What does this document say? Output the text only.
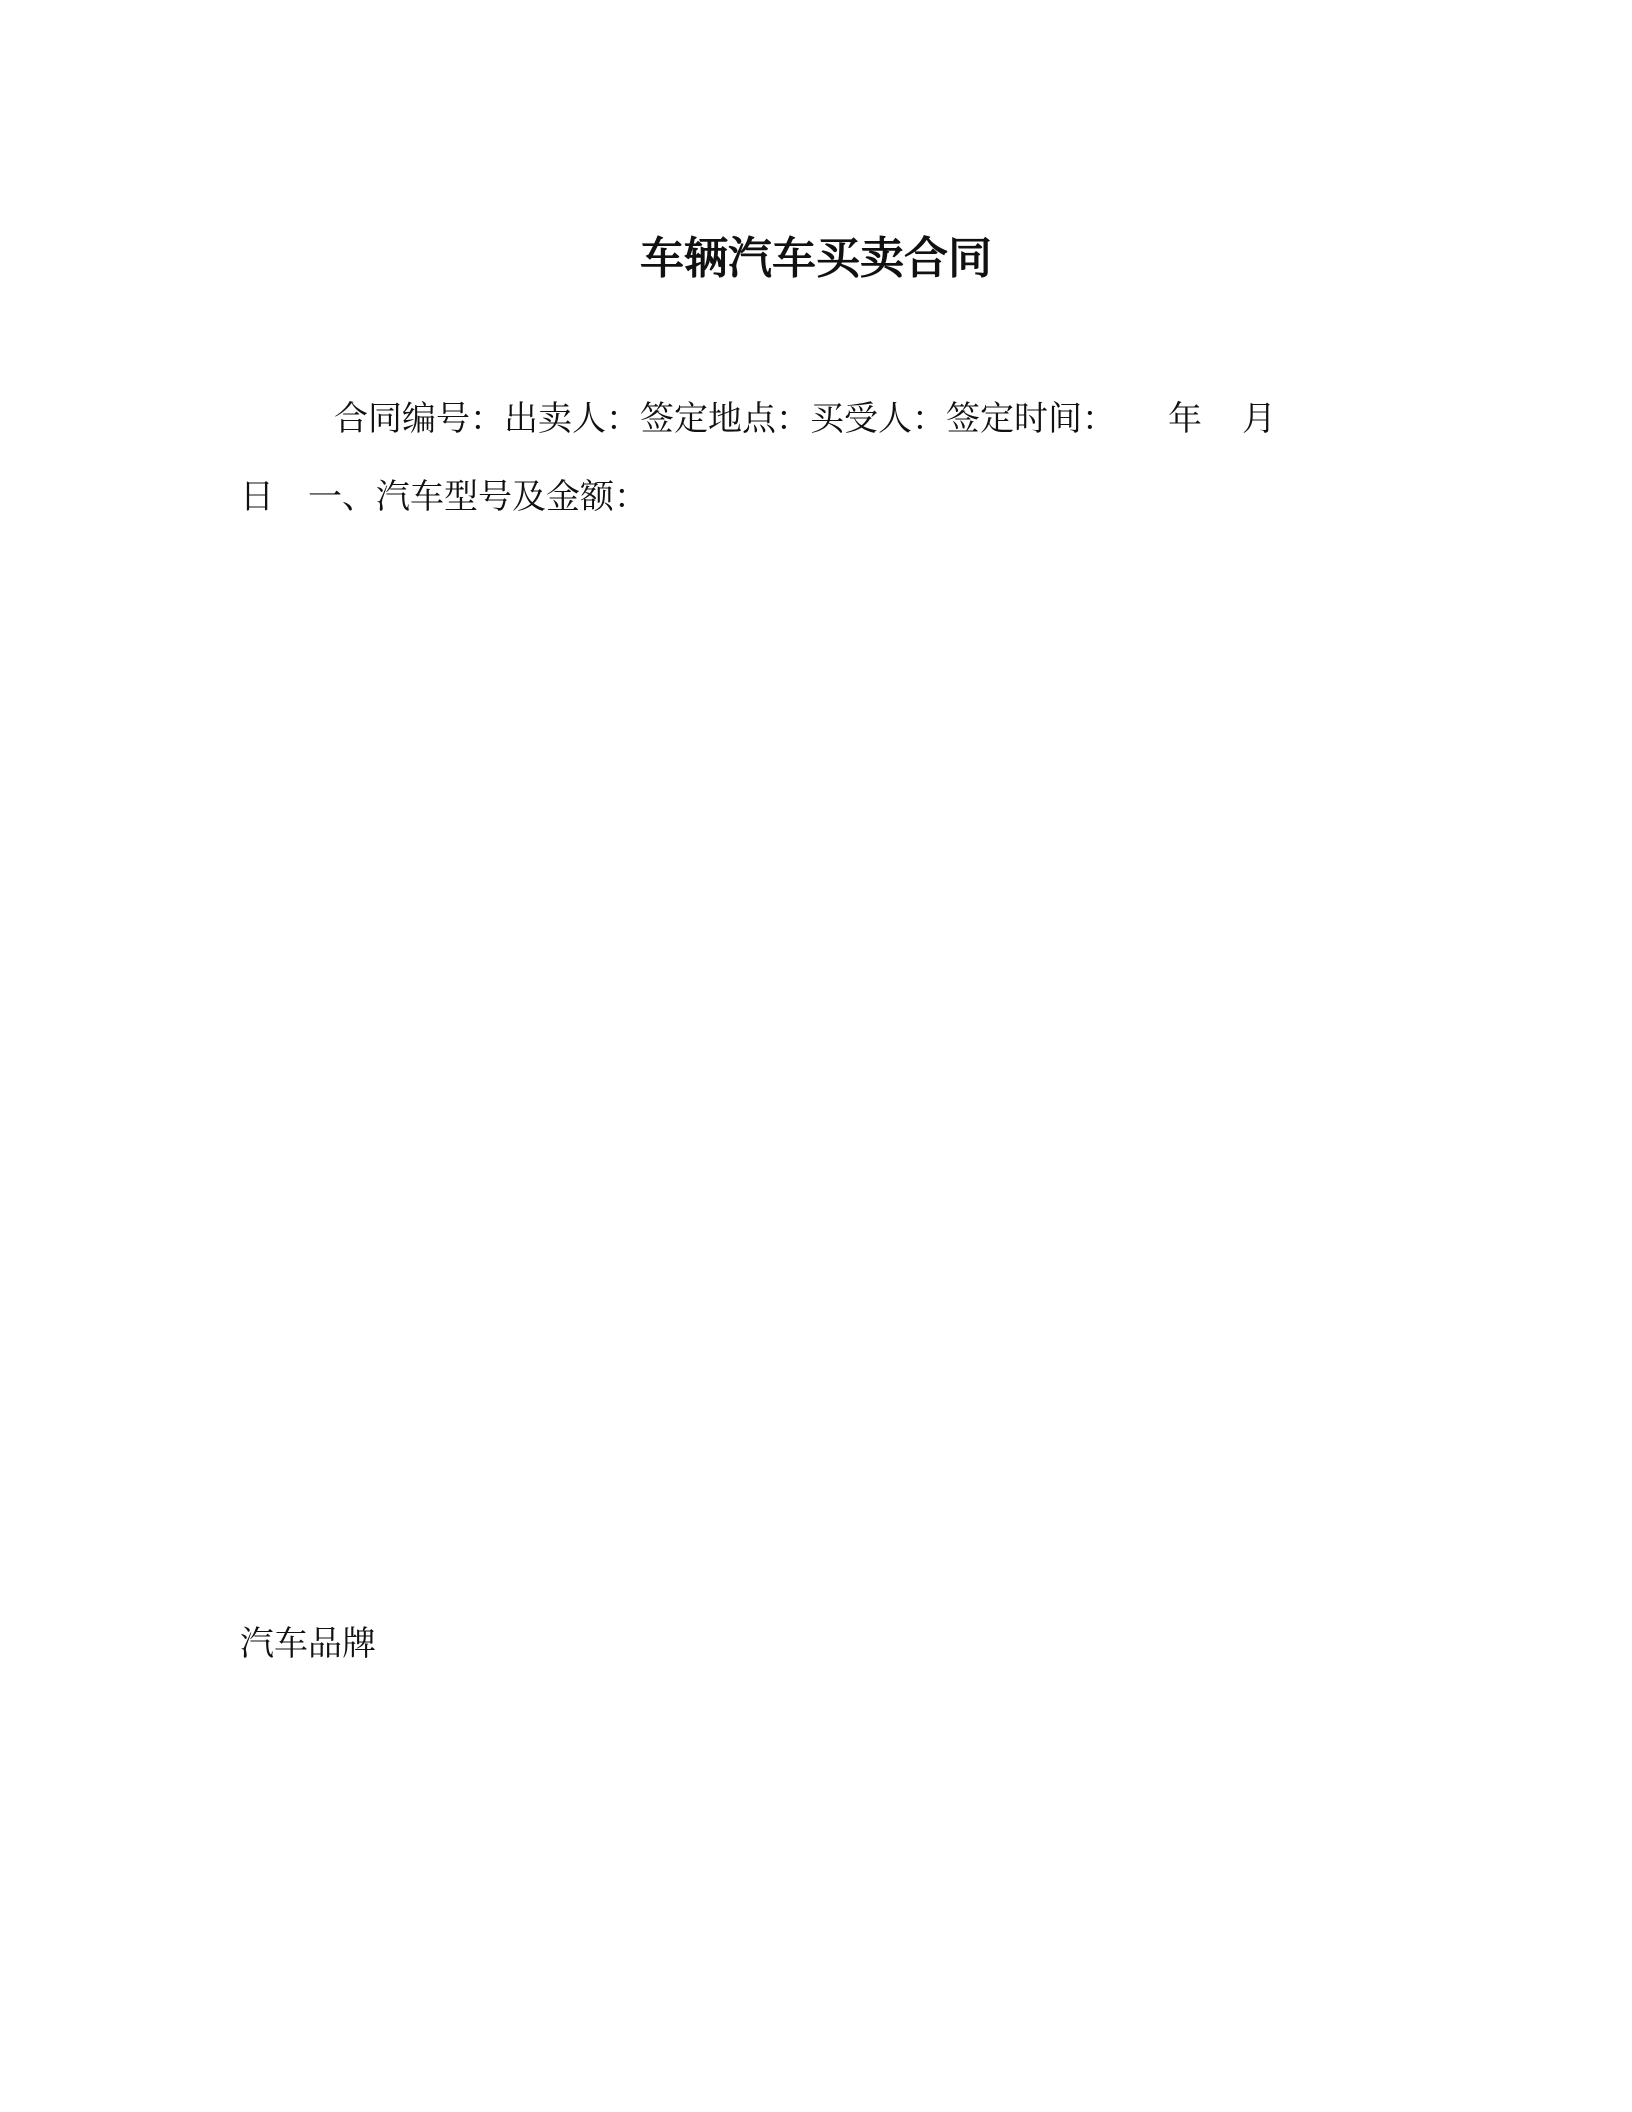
车辆汽车买卖合同
合同编号：出卖人：签定地点：买受人：签定时间： 年 月
日 一、汽车型号及金额：
汽车品牌
